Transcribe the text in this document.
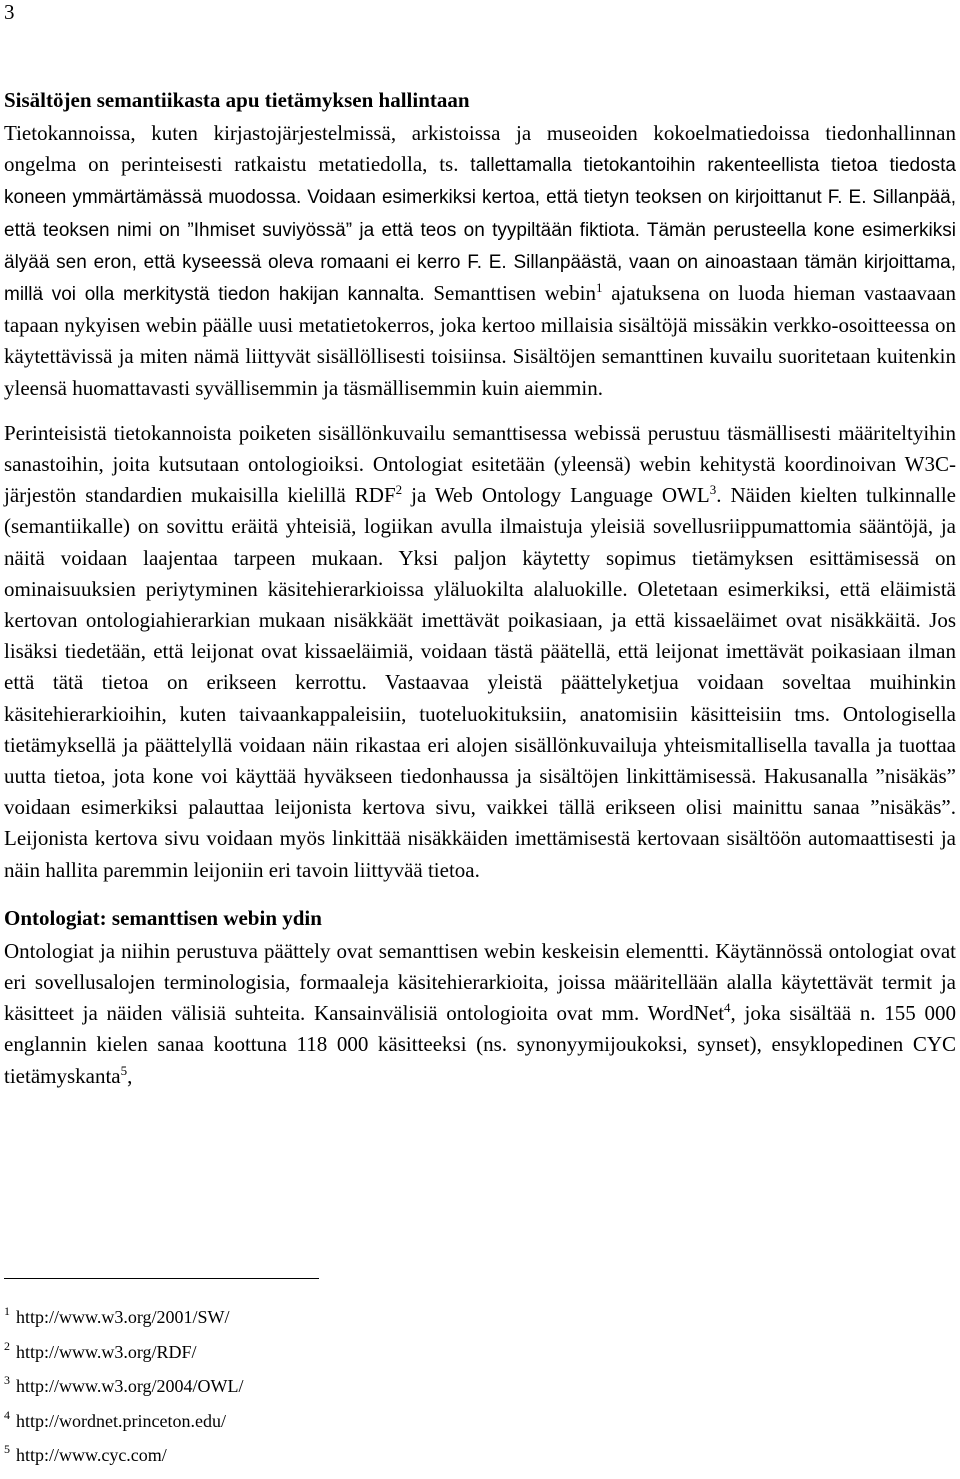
3
Sisältöjen semantiikasta apu tietämyksen hallintaan

Tietokannoissa, kuten kirjastojärjestelmissä, arkistoissa ja museoiden kokoelmatiedoissa tiedonhallinnan ongelma on perinteisesti ratkaistu metatiedolla, ts. tallettamalla tietokantoihin rakenteellista tietoa tiedosta koneen ymmärtämässä muodossa. Voidaan esimerkiksi kertoa, että tietyn teoksen on kirjoittanut F. E. Sillanpää, että teoksen nimi on ”Ihmiset suviyössä” ja että teos on tyypiltään fiktiota. Tämän perusteella kone esimerkiksi älyää sen eron, että kyseessä oleva romaani ei kerro F. E. Sillanpäästä, vaan on ainoastaan tämän kirjoittama, millä voi olla merkitystä tiedon hakijan kannalta. Semanttisen webin$^1$ ajatuksena on luoda hieman vastaavaan tapaan nykyisen webin päälle uusi metatietokerros, joka kertoo millaisia sisältöjä missäkin verkko-osoitteessa on käytettävissä ja miten nämä liittyvät sisällöllisesti toisiinsa. Sisältöjen semanttinen kuvailu suoritetaan kuitenkin yleensä huomattavasti syvällisemmin ja täsmällisemmin kuin aiemmin.

Perinteisistä tietokannoista poiketen sisällönkuvailu semanttisessa webissä perustuu täsmällisesti määriteltyihin sanastoihin, joita kutsutaan ontologioiksi. Ontologiat esitetään (yleensä) webin kehitystä koordinoivan W3C-järjestön standardien mukaisilla kielillä RDF$^2$ ja Web Ontology Language OWL$^3$. Näiden kielten tulkinnalle (semantiikalle) on sovittu eräitä yhteisiä, logiikan avulla ilmaistuja yleisiä sovellusriippumattomia sääntöjä, ja näitä voidaan laajentaa tarpeen mukaan. Yksi paljon käytetty sopimus tietämyksen esittämisessä on ominaisuuksien periytyminen käsitehierarkioissa yläluokilta alaluokille. Oletetaan esimerkiksi, että eläimistä kertovan ontologiahierarkian mukaan nisäkkäät imettävät poikasiaan, ja että kissaeläimet ovat nisäkkäitä. Jos lisäksi tiedetään, että leijonat ovat kissaeläimiä, voidaan tästä päätellä, että leijonat imettävät poikasiaan ilman että tätä tietoa on erikseen kerrottu. Vastaavaa yleistä päättelyketjua voidaan soveltaa muihinkin käsitehierarkioihin, kuten taivaankappaleisiin, tuoteluokituksiin, anatomisiin käsitteisiin tms. Ontologisella tietämyksellä ja päättelyllä voidaan näin rikastaa eri alojen sisällönkuvailuja yhteismitallisella tavalla ja tuottaa uutta tietoa, jota kone voi käyttää hyväkseen tiedonhaussa ja sisältöjen linkittämisessä. Hakusanalla ”nisäkäs” voidaan esimerkiksi palauttaa leijonista kertova sivu, vaikkei tällä erikseen olisi mainittu sanaa ”nisäkäs”. Leijonista kertova sivu voidaan myös linkittää nisäkkäiden imettämisestä kertovaan sisältöön automaattisesti ja näin hallita paremmin leijoniin eri tavoin liittyvää tietoa.

Ontologiat: semanttisen webin ydin

Ontologiat ja niihin perustuva päättely ovat semanttisen webin keskeisin elementti. Käytännössä ontologiat ovat eri sovellusalojen terminologisia, formaaleja käsitehierarkioita, joissa määritellään alalla käytettävät termit ja käsitteet ja näiden välisiä suhteita. Kansainvälisiä ontologioita ovat mm. WordNet$^4$, joka sisältää n. 155 000 englannin kielen sanaa koottuna 118 000 käsitteeksi (ns. synonyymijoukoksi, synset), ensyklopedinen CYC tietämyskanta$^5$,

$^1$ http://www.w3.org/2001/SW/
$^2$ http://www.w3.org/RDF/
$^3$ http://www.w3.org/2004/OWL/
$^4$ http://wordnet.princeton.edu/
$^5$ http://www.cyc.com/
